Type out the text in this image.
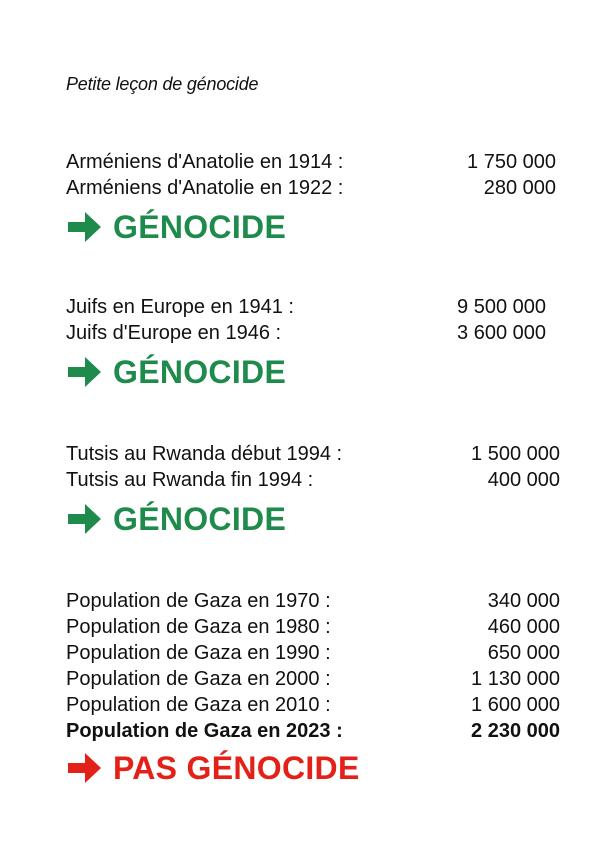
Petite leçon de génocide
Arméniens d'Anatolie en 1914 :	1 750 000
Arméniens d'Anatolie en 1922 :	280 000
GÉNOCIDE
Juifs en Europe en 1941 :	9 500 000
Juifs d'Europe en 1946 :	3 600 000
GÉNOCIDE
Tutsis au Rwanda début 1994 :	1 500 000
Tutsis au Rwanda fin 1994 :	400 000
GÉNOCIDE
Population de Gaza en 1970 :	340 000
Population de Gaza en 1980 :	460 000
Population de Gaza en 1990 :	650 000
Population de Gaza en 2000 :	1 130 000
Population de Gaza en 2010 :	1 600 000
Population de Gaza en 2023 :	2 230 000
PAS GÉNOCIDE
